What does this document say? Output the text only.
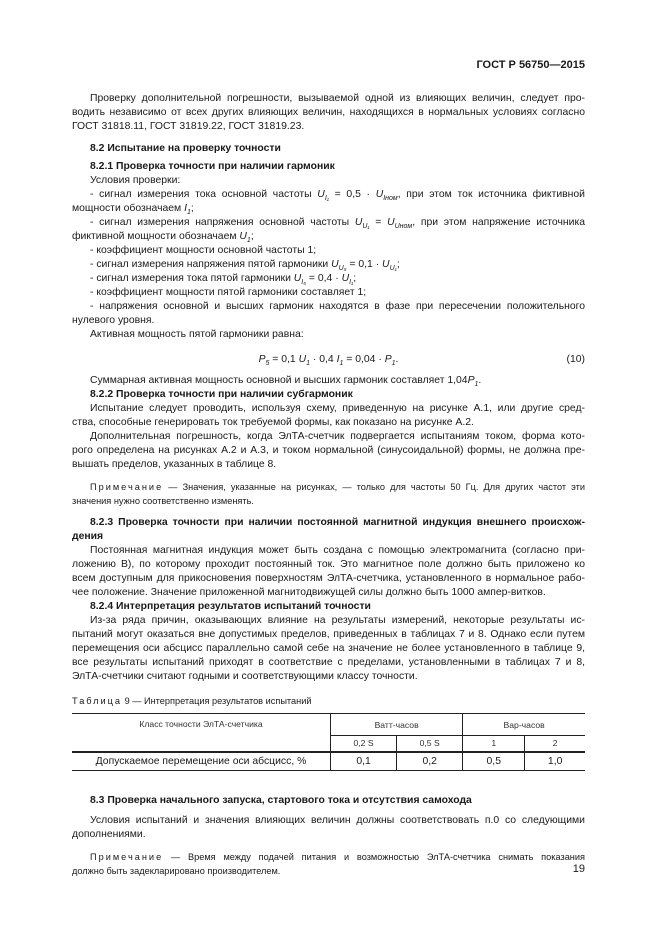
ГОСТ Р 56750—2015
Проверку дополнительной погрешности, вызываемой одной из влияющих величин, следует про-
водить независимо от всех других влияющих величин, находящихся в нормальных условиях согласно
ГОСТ 31818.11, ГОСТ 31819.22, ГОСТ 31819.23.
8.2 Испытание на проверку точности
8.2.1 Проверка точности при наличии гармоник
Условия проверки:
- сигнал измерения тока основной частоты $U_{I_1} = 0,5 \cdot U_{Iном}$, при этом ток источника фиктивной
мощности обозначаем $I_1$;
- сигнал измерения напряжения основной частоты $U_{U_1} = U_{Uном}$, при этом напряжение источника
фиктивной мощности обозначаем $U_1$;
- коэффициент мощности основной частоты 1;
- сигнал измерения напряжения пятой гармоники $U_{U_5} = 0,1 \cdot U_{U_1}$;
- сигнал измерения тока пятой гармоники $U_{I_5} = 0,4 \cdot U_{I_1}$;
- коэффициент мощности пятой гармоники составляет 1;
- напряжения основной и высших гармоник находятся в фазе при пересечении положительного
нулевого уровня.
Активная мощность пятой гармоники равна:
$P_5 = 0,1$ $U_1 \cdot 0,4$ $I_1 = 0,04 \cdot P_1$.	(10)
Суммарная активная мощность основной и высших гармоник составляет $1,04P_1$.
8.2.2 Проверка точности при наличии субгармоник
Испытание следует проводить, используя схему, приведенную на рисунке А.1, или другие сред-
ства, способные генерировать ток требуемой формы, как показано на рисунке А.2.
Дополнительная погрешность, когда ЭлТА-счетчик подвергается испытаниям током, форма кото-
рого определена на рисунках А.2 и А.3, и током нормальной (синусоидальной) формы, не должна пре-
вышать пределов, указанных в таблице 8.
Примечание — Значения, указанные на рисунках, — только для частоты 50 Гц. Для других частот эти
значения нужно соответственно изменять.
8.2.3 Проверка точности при наличии постоянной магнитной индукция внешнего происхож-
дения
Постоянная магнитная индукция может быть создана с помощью электромагнита (согласно при-
ложению В), по которому проходит постоянный ток. Это магнитное поле должно быть приложено ко
всем доступным для прикосновения поверхностям ЭлТА-счетчика, установленного в нормальное рабо-
чее положение. Значение приложенной магнитодвижущей силы должно быть 1000 ампер-витков.
8.2.4 Интерпретация результатов испытаний точности
Из-за ряда причин, оказывающих влияние на результаты измерений, некоторые результаты ис-
пытаний могут оказаться вне допустимых пределов, приведенных в таблицах 7 и 8. Однако если путем
перемещения оси абсцисс параллельно самой себе на значение не более установленного в таблице 9,
все результаты испытаний приходят в соответствие с пределами, установленными в таблицах 7 и 8,
ЭлТА-счетчики считают годными и соответствующими классу точности.
Таблица 9 — Интерпретация результатов испытаний
Класс точности ЭлТА-счетчика	Ватт-часов		Вар-часов	
	0,2 S	0,5 S	1	2
Допускаемое перемещение оси абсцисс, %	0,1	0,2	0,5	1,0
8.3 Проверка начального запуска, стартового тока и отсутствия самохода
Условия испытаний и значения влияющих величин должны соответствовать п.0 со следующими
дополнениями.
Примечание — Время между подачей питания и возможностью ЭлТА-счетчика снимать показания
должно быть задекларировано производителем.	19
